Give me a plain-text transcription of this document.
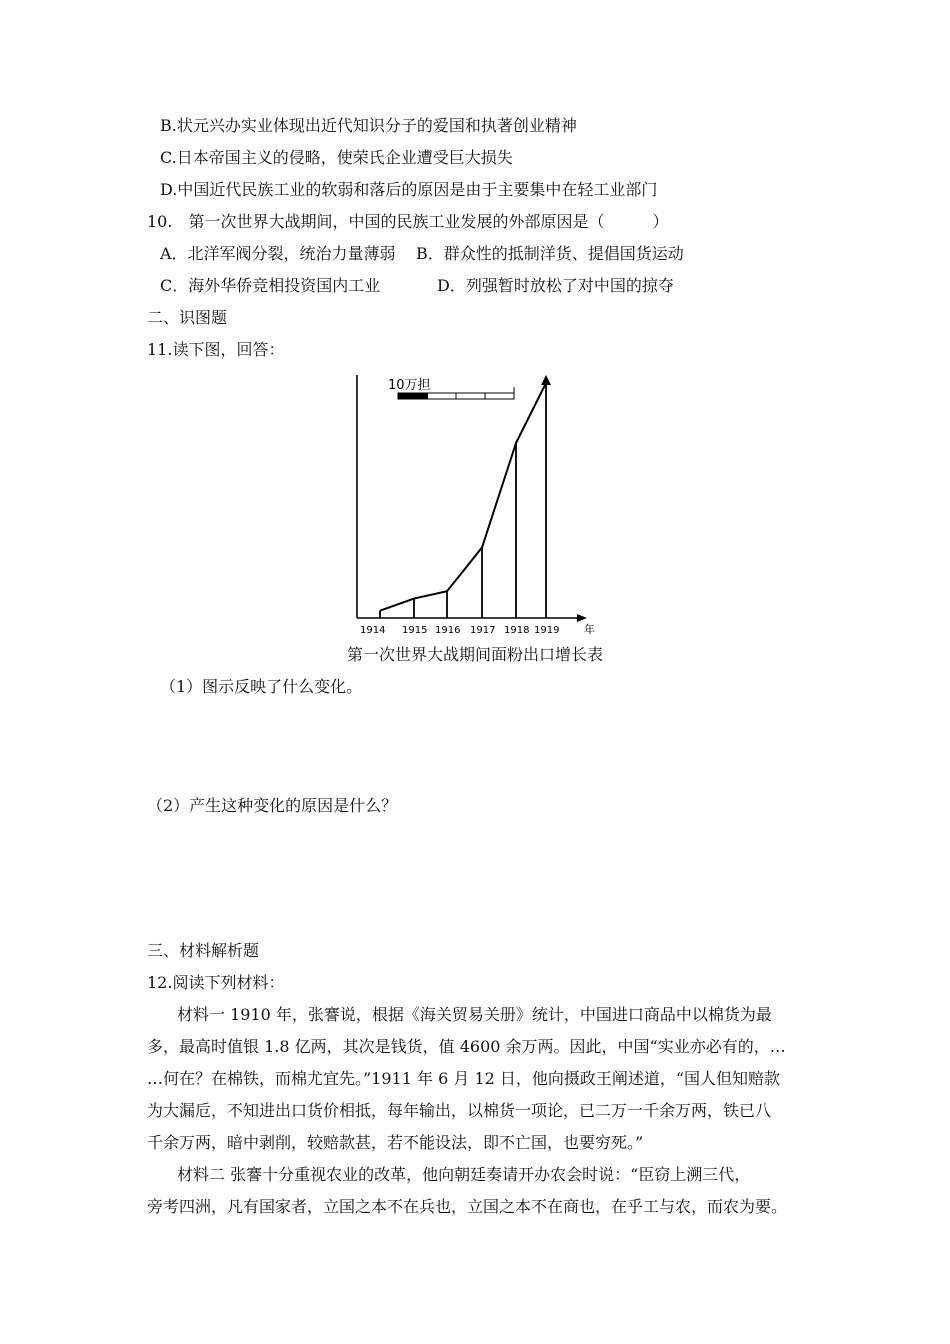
B.状元兴办实业体现出近代知识分子的爱国和执著创业精神
C.日本帝国主义的侵略，使荣氏企业遭受巨大损失
D.中国近代民族工业的软弱和落后的原因是由于主要集中在轻工业部门
10.　第一次世界大战期间，中国的民族工业发展的外部原因是（　　　）
A．北洋军阀分裂，统治力量薄弱 B．群众性的抵制洋货、提倡国货运动
C．海外华侨竞相投资国内工业	D．列强暂时放松了对中国的掠夺
二、识图题
11.读下图，回答：
10万担
1914 1915 1916 1917 1918 1919 年
第一次世界大战期间面粉出口增长表
（1）图示反映了什么变化。
（2）产生这种变化的原因是什么？
三、材料解析题
12.阅读下列材料：
材料一 1910 年，张謇说，根据《海关贸易关册》统计，中国进口商品中以棉货为最
多，最高时值银 1.8 亿两，其次是钱货，值 4600 余万两。因此，中国“实业亦必有的，…
…何在？在棉铁，而棉尤宜先。”1911 年 6 月 12 日，他向摄政王阐述道，“国人但知赔款
为大漏卮，不知进出口货价相抵，每年输出，以棉货一项论，已二万一千余万两，铁已八
千余万两，暗中剥削，较赔款甚，若不能设法，即不亡国，也要穷死。”
材料二 张謇十分重视农业的改革，他向朝廷奏请开办农会时说：“臣窃上溯三代，
旁考四洲，凡有国家者，立国之本不在兵也，立国之本不在商也，在乎工与农，而农为要。
